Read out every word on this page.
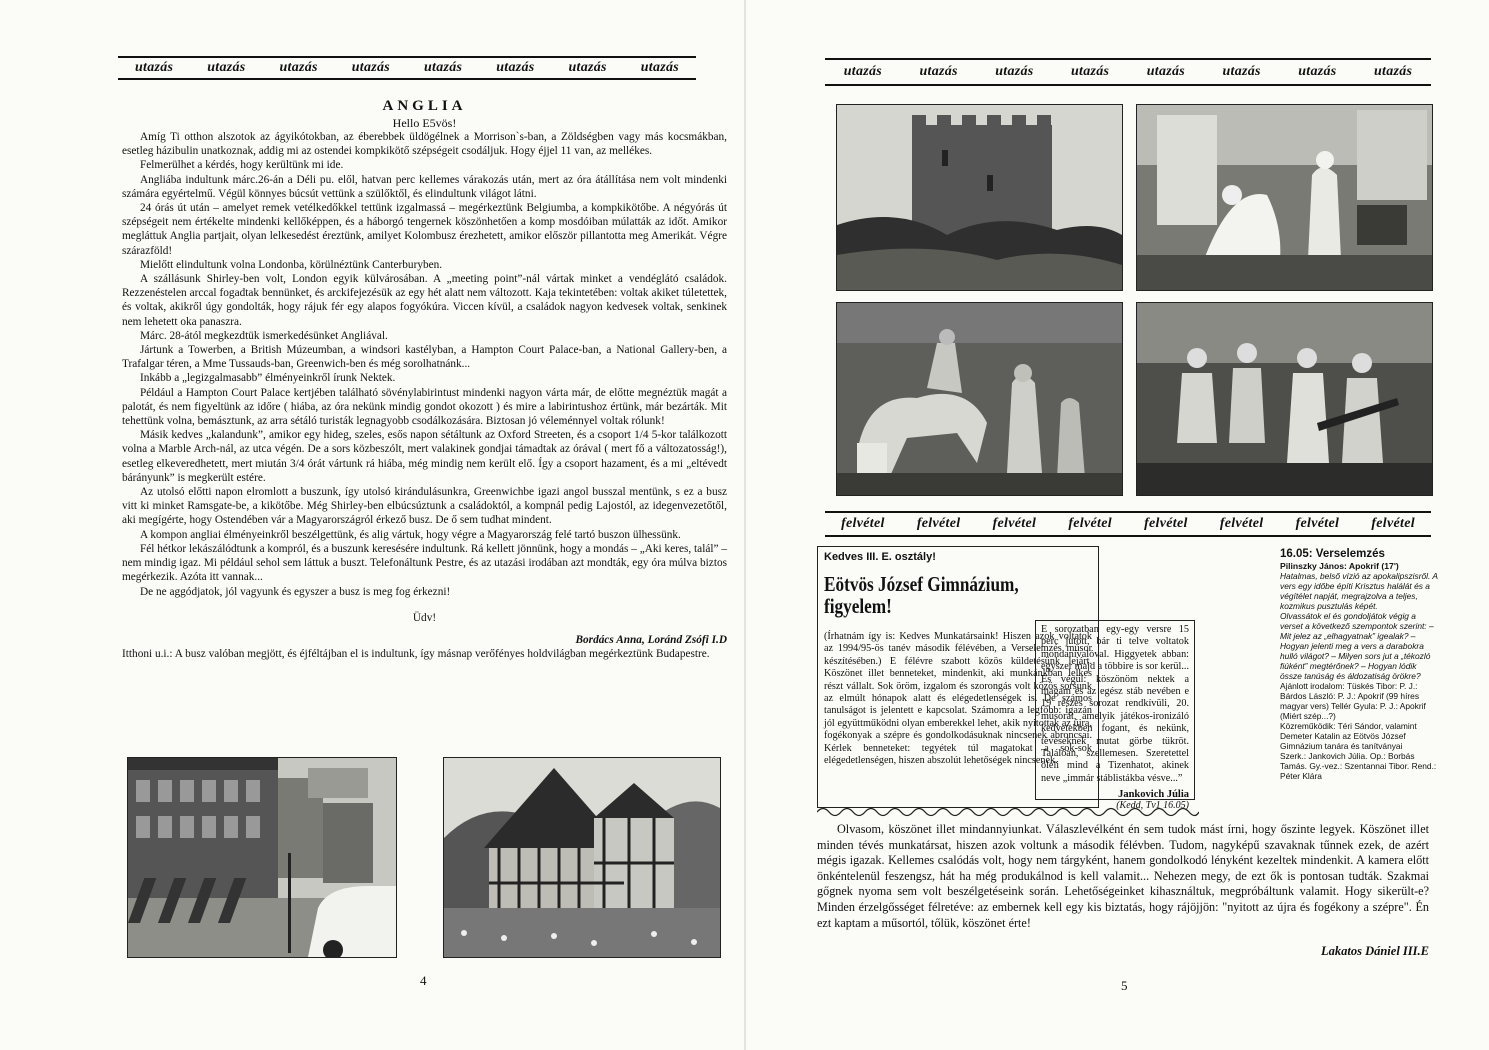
utazás utazás utazás utazás utazás utazás utazás utazás
ANGLIA
Hello E5vös!

Amíg Ti otthon alszotok az ágyikótokban, az éberebbek üldögélnek a Morrison`s-ban, a Zöldségben vagy más kocsmákban, esetleg házibulin unatkoznak, addig mi az ostendei kompkikötő szépségeit csodáljuk. Hogy éjjel 11 van, az mellékes.

Felmerülhet a kérdés, hogy kerültünk mi ide.

Angliába indultunk márc.26-án a Déli pu. elől, hatvan perc kellemes várakozás után, mert az óra átállítása nem volt mindenki számára egyértelmű. Végül könnyes búcsút vettünk a szülőktől, és elindultunk világot látni.

24 órás út után – amelyet remek vetélkedőkkel tettünk izgalmassá – megérkeztünk Belgiumba, a kompkikötőbe. A négyórás út szépségeit nem értékelte mindenki kellőképpen, és a háborgó tengernek köszönhetően a komp mosdóiban múlatták az időt. Amikor megláttuk Anglia partjait, olyan lelkesedést éreztünk, amilyet Kolombusz érezhetett, amikor először pillantotta meg Amerikát. Végre szárazföld!

Mielőtt elindultunk volna Londonba, körülnéztünk Canterburyben.

A szállásunk Shirley-ben volt, London egyik külvárosában. A „meeting point”-nál vártak minket a vendéglátó családok. Rezzenéstelen arccal fogadtak bennünket, és arckifejezésük az egy hét alatt nem változott. Kaja tekintetében: voltak akiket túletettek, és voltak, akikről úgy gondolták, hogy rájuk fér egy alapos fogyókúra. Viccen kívül, a családok nagyon kedvesek voltak, senkinek nem lehetett oka panaszra.

Márc. 28-ától megkezdtük ismerkedésünket Angliával.

Jártunk a Towerben, a British Múzeumban, a windsori kastélyban, a Hampton Court Palace-ban, a National Gallery-ben, a Trafalgar téren, a Mme Tussauds-ban, Greenwich-ben és még sorolhatnánk...

Inkább a „legizgalmasabb” élményeinkről írunk Nektek.

Például a Hampton Court Palace kertjében található sövénylabirintust mindenki nagyon várta már, de előtte megnéztük magát a palotát, és nem figyeltünk az időre ( hiába, az óra nekünk mindig gondot okozott ) és mire a labirintushoz értünk, már bezárták. Mit tehettünk volna, bemásztunk, az arra sétáló turisták legnagyobb csodálkozására. Biztosan jó véleménnyel voltak rólunk!

Másik kedves „kalandunk”, amikor egy hideg, szeles, esős napon sétáltunk az Oxford Streeten, és a csoport 1/4 5-kor találkozott volna a Marble Arch-nál, az utca végén. De a sors közbeszólt, mert valakinek gondjai támadtak az órával ( mert fő a változatosság!), esetleg elkeveredhetett, mert miután 3/4 órát vártunk rá hiába, még mindig nem került elő. Így a csoport hazament, és a mi „eltévedt bárányunk” is megkerült estére.

Az utolsó előtti napon elromlott a buszunk, így utolsó kirándulásunkra, Greenwichbe igazi angol busszal mentünk, s ez a busz vitt ki minket Ramsgate-be, a kikötőbe. Még Shirley-ben elbúcsúztunk a családoktól, a kompnál pedig Lajostól, az idegenvezetőtől, aki megígérte, hogy Ostendében vár a Magyarországról érkező busz. De ő sem tudhat mindent.

A kompon angliai élményeinkről beszélgettünk, és alig vártuk, hogy végre a Magyarország felé tartó buszon ülhessünk.

Fél hétkor lekászálódtunk a kompról, és a buszunk keresésére indultunk. Rá kellett jönnünk, hogy a mondás – „Aki keres, talál” – nem mindig igaz. Mi például sehol sem láttuk a buszt. Telefonáltunk Pestre, és az utazási irodában azt mondták, egy óra múlva biztos megérkezik. Azóta itt vannak...

De ne aggódjatok, jól vagyunk és egyszer a busz is meg fog érkezni!

Üdv!

Bordács Anna, Loránd Zsófi I.D

Itthoni u.i.: A busz valóban megjött, és éjféltájban el is indultunk, így másnap verőfényes holdvilágban megérkeztünk Budapestre.

4
utazás	utazás	utazás	utazás	utazás	utazás	utazás	utazás
felvétel felvétel felvétel felvétel felvétel felvétel felvétel felvétel
Kedves III. E. osztály!
Eötvös József Gimnázium,
figyelem!
(Írhatnám így is: Kedves Munkatársaink! Hiszen azok voltatok az 1994/95-ös tanév második félévében, a Verselemzés műsor készítésében.) E félévre szabott közös küldetésünk lejárt. Köszönet illet benneteket, mindenkit, aki munkánkban lelkes részt vállalt. Sok öröm, izgalom és szorongás volt közös sorsunk az elmúlt hónapok alatt és elégedetlenségek is. De számos tanulságot is jelentett e kapcsolat. Számomra a legfőbb: igazán jól együttműködni olyan emberekkel lehet, akik nyitottak az újra, fogékonyak a szépre és gondolkodásuknak nincsenek abroncsai. Kérlek benneteket: tegyétek túl magatokat a sok-sok elégedetlenségen, hiszen abszolút lehetőségek nincsenek.
E sorozatban egy-egy versre 15 perc jutott, bár ti telve voltatok mondanivalóval. Higgyetek abban: egyszer majd a többire is sor kerül... És végül: köszönöm nektek a magam és az egész stáb nevében e 19 részes sorozat rendkívüli, 20. műsorát, amelyik játékos-ironizáló kedvetekben fogant, és nekünk, tévéseknek mutat görbe tükröt. Találóan, szellemesen. Szeretettel öleli mind a Tizenhatot, akinek neve „immár stáblistákba vésve...”
Jankovich Júlia
(Kedd, Tv1 16.05)
16.05: Verselemzés
Pilinszky János: Apokrif (17')
Hatalmas, belső vízió az apokalipszisről. A vers egy időbe építi Krisztus halálát és a végítélet napját, megrajzolva a teljes, kozmikus pusztulás képét.
Olvassátok el és gondoljátok végig a verset a következő szempontok szerint: – Mit jelez az „elhagyatnak” igealak? – Hogyan jelenti meg a vers a darabokra hulló világot? – Milyen sors jut a „tékozló fiúként” megtérőnek? – Hogyan lódik össze tanúság és áldozatiság örökre?
Ajánlott irodalom: Tüskés Tibor: P. J.: Bárdos László: P. J.: Apokrif (99 híres magyar vers) Tellér Gyula: P. J.: Apokrif (Miért szép...?)
Közreműködik: Téri Sándor, valamint Demeter Katalin az Eötvös József Gimnázium tanára és tanítványai
Szerk.: Jankovich Júlia. Op.: Borbás Tamás. Gy.-vez.: Szentannai Tibor. Rend.: Péter Klára

Olvasom, köszönet illet mindannyiunkat. Válaszlevélként én sem tudok mást írni, hogy őszinte legyek. Köszönet illet minden tévés munkatársat, hiszen azok voltunk a második félévben. Tudom, nagyképű szavaknak tűnnek ezek, de azért mégis igazak. Kellemes csalódás volt, hogy nem tárgyként, hanem gondolkodó lényként kezeltek mindenkit. A kamera előtt önkéntelenül feszengsz, hát ha még produkálnod is kell valamit... Nehezen megy, de ezt ők is pontosan tudták. Szakmai gőgnek nyoma sem volt beszélgetéseink során. Lehetőségeinket kihasználtuk, megpróbáltunk valamit. Hogy sikerült-e? Minden érzelgősséget félretéve: az embernek kell egy kis biztatás, hogy rájöjjön: "nyitott az újra és fogékony a szépre". Én ezt kaptam a műsortól, tőlük, köszönet érte!

Lakatos Dániel III.E
5
